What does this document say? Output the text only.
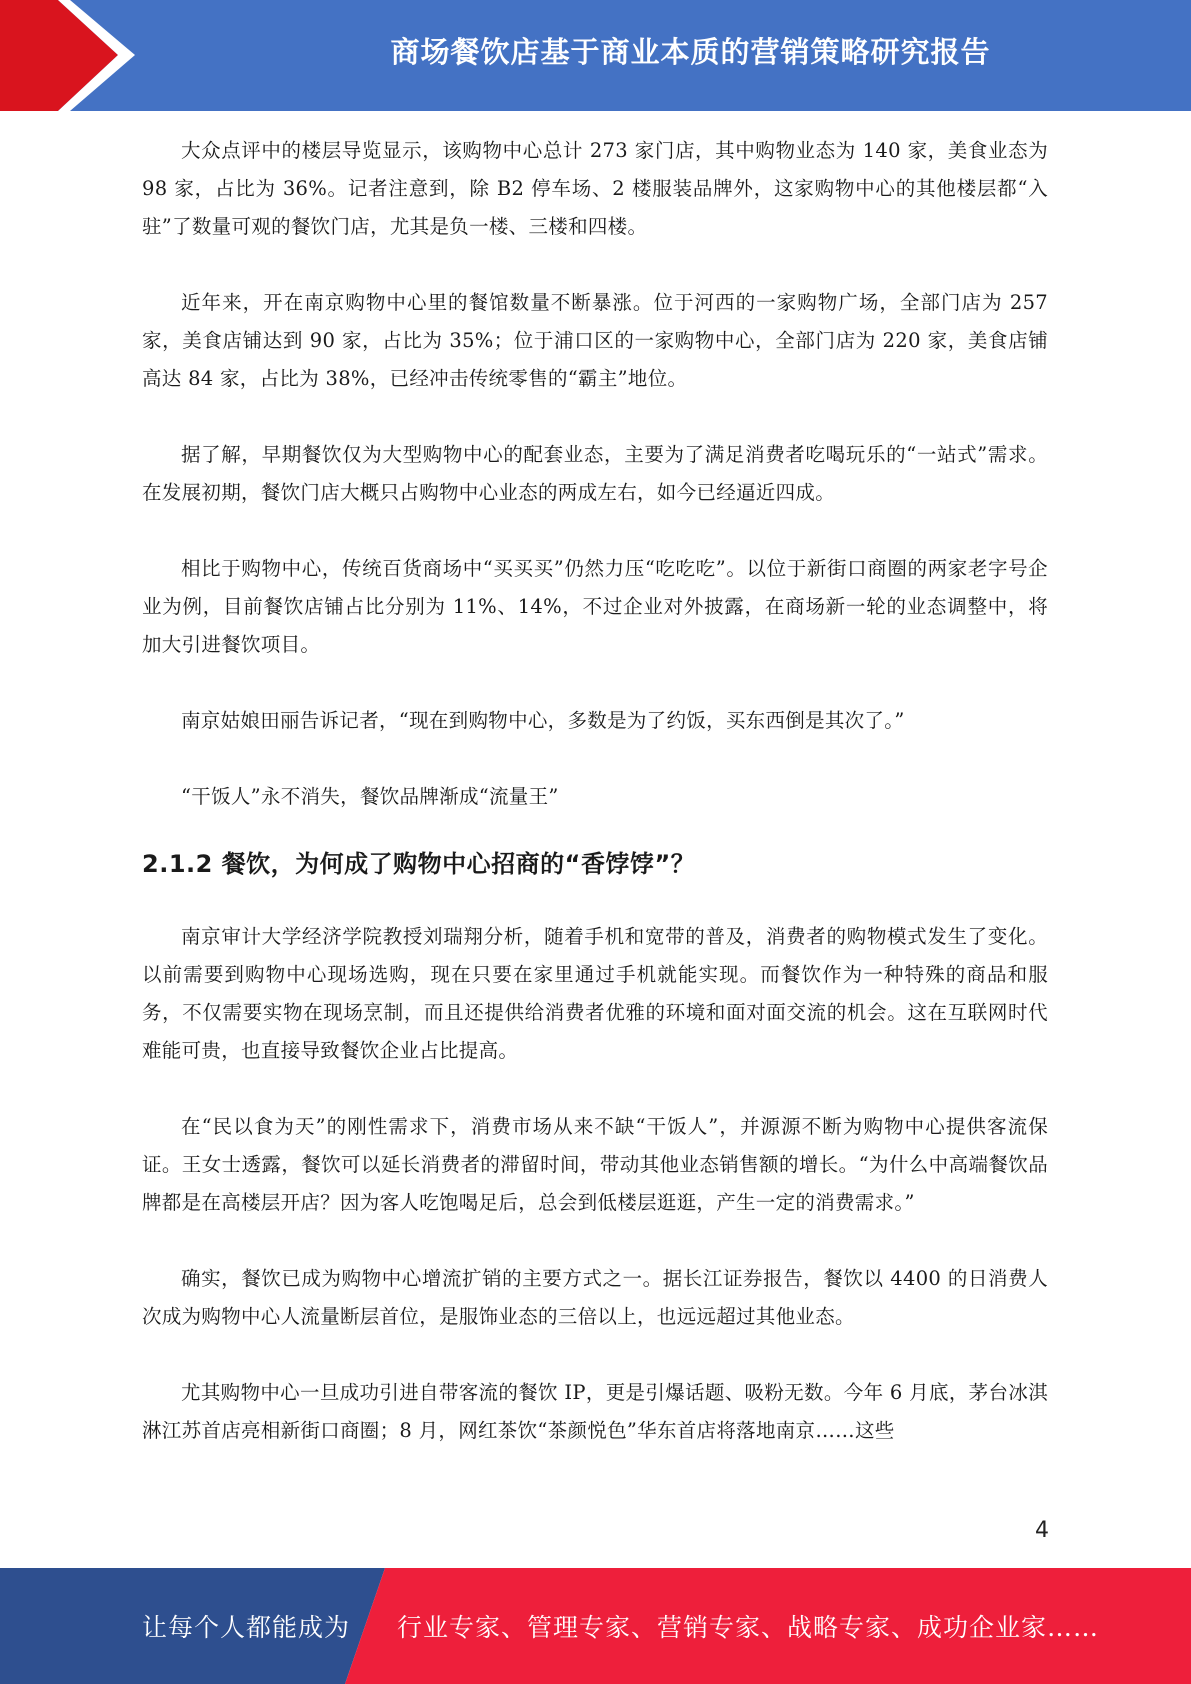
商场餐饮店基于商业本质的营销策略研究报告

大众点评中的楼层导览显示，该购物中心总计 273 家门店，其中购物业态为 140 家，美食业态为 98 家，占比为 36%。记者注意到，除 B2 停车场、2 楼服装品牌外，这家购物中心的其他楼层都“入驻”了数量可观的餐饮门店，尤其是负一楼、三楼和四楼。

近年来，开在南京购物中心里的餐馆数量不断暴涨。位于河西的一家购物广场，全部门店为 257 家，美食店铺达到 90 家，占比为 35%；位于浦口区的一家购物中心，全部门店为 220 家，美食店铺高达 84 家，占比为 38%，已经冲击传统零售的“霸主”地位。

据了解，早期餐饮仅为大型购物中心的配套业态，主要为了满足消费者吃喝玩乐的“一站式”需求。在发展初期，餐饮门店大概只占购物中心业态的两成左右，如今已经逼近四成。

相比于购物中心，传统百货商场中“买买买”仍然力压“吃吃吃”。以位于新街口商圈的两家老字号企业为例，目前餐饮店铺占比分别为 11%、14%，不过企业对外披露，在商场新一轮的业态调整中，将加大引进餐饮项目。

南京姑娘田丽告诉记者，“现在到购物中心，多数是为了约饭，买东西倒是其次了。”

“干饭人”永不消失，餐饮品牌渐成“流量王”

2.1.2 餐饮，为何成了购物中心招商的“香饽饽”？

南京审计大学经济学院教授刘瑞翔分析，随着手机和宽带的普及，消费者的购物模式发生了变化。以前需要到购物中心现场选购，现在只要在家里通过手机就能实现。而餐饮作为一种特殊的商品和服务，不仅需要实物在现场烹制，而且还提供给消费者优雅的环境和面对面交流的机会。这在互联网时代难能可贵，也直接导致餐饮企业占比提高。

在“民以食为天”的刚性需求下，消费市场从来不缺“干饭人”，并源源不断为购物中心提供客流保证。王女士透露，餐饮可以延长消费者的滞留时间，带动其他业态销售额的增长。“为什么中高端餐饮品牌都是在高楼层开店？因为客人吃饱喝足后，总会到低楼层逛逛，产生一定的消费需求。”

确实，餐饮已成为购物中心增流扩销的主要方式之一。据长江证券报告，餐饮以 4400 的日消费人次成为购物中心人流量断层首位，是服饰业态的三倍以上，也远远超过其他业态。

尤其购物中心一旦成功引进自带客流的餐饮 IP，更是引爆话题、吸粉无数。今年 6 月底，茅台冰淇淋江苏首店亮相新街口商圈；8 月，网红茶饮“茶颜悦色”华东首店将落地南京……这些

4
让每个人都能成为 行业专家、管理专家、营销专家、战略专家、成功企业家……
